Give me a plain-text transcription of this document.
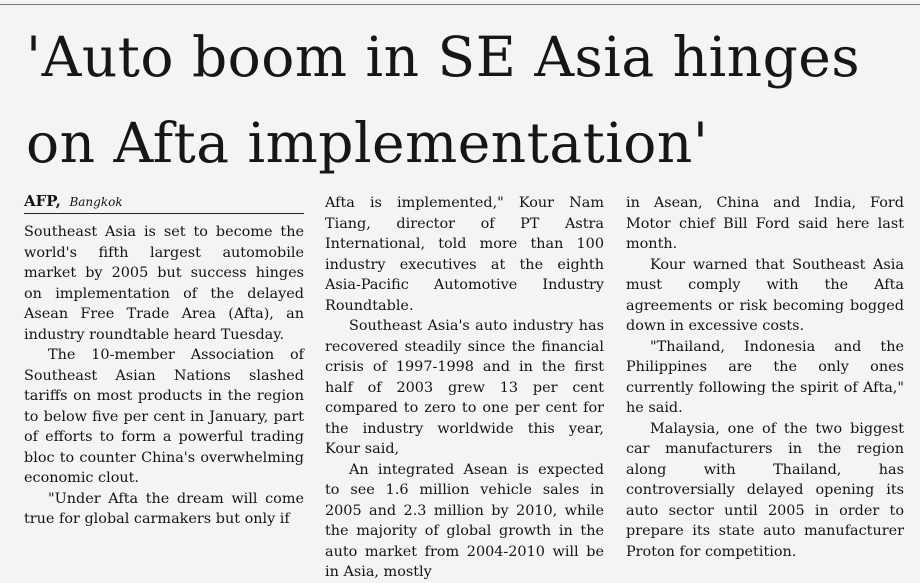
'Auto boom in SE Asia hinges
on Afta implementation'
AFP, Bangkok

Southeast Asia is set to become the world's fifth largest automobile market by 2005 but success hinges on implementation of the delayed Asean Free Trade Area (Afta), an industry roundtable heard Tuesday.

The 10-member Association of Southeast Asian Nations slashed tariffs on most products in the region to below five per cent in January, part of efforts to form a powerful trading bloc to counter China's overwhelming economic clout.

"Under Afta the dream will come true for global carmakers but only if

Afta is implemented," Kour Nam Tiang, director of PT Astra International, told more than 100 industry executives at the eighth Asia-Pacific Automotive Industry Roundtable.

Southeast Asia's auto industry has recovered steadily since the financial crisis of 1997-1998 and in the first half of 2003 grew 13 per cent compared to zero to one per cent for the industry worldwide this year, Kour said,

An integrated Asean is expected to see 1.6 million vehicle sales in 2005 and 2.3 million by 2010, while the majority of global growth in the auto market from 2004-2010 will be in Asia, mostly

in Asean, China and India, Ford Motor chief Bill Ford said here last month.

Kour warned that Southeast Asia must comply with the Afta agreements or risk becoming bogged down in excessive costs.

"Thailand, Indonesia and the Philippines are the only ones currently following the spirit of Afta," he said.

Malaysia, one of the two biggest car manufacturers in the region along with Thailand, has controversially delayed opening its auto sector until 2005 in order to prepare its state auto manufacturer Proton for competition.
